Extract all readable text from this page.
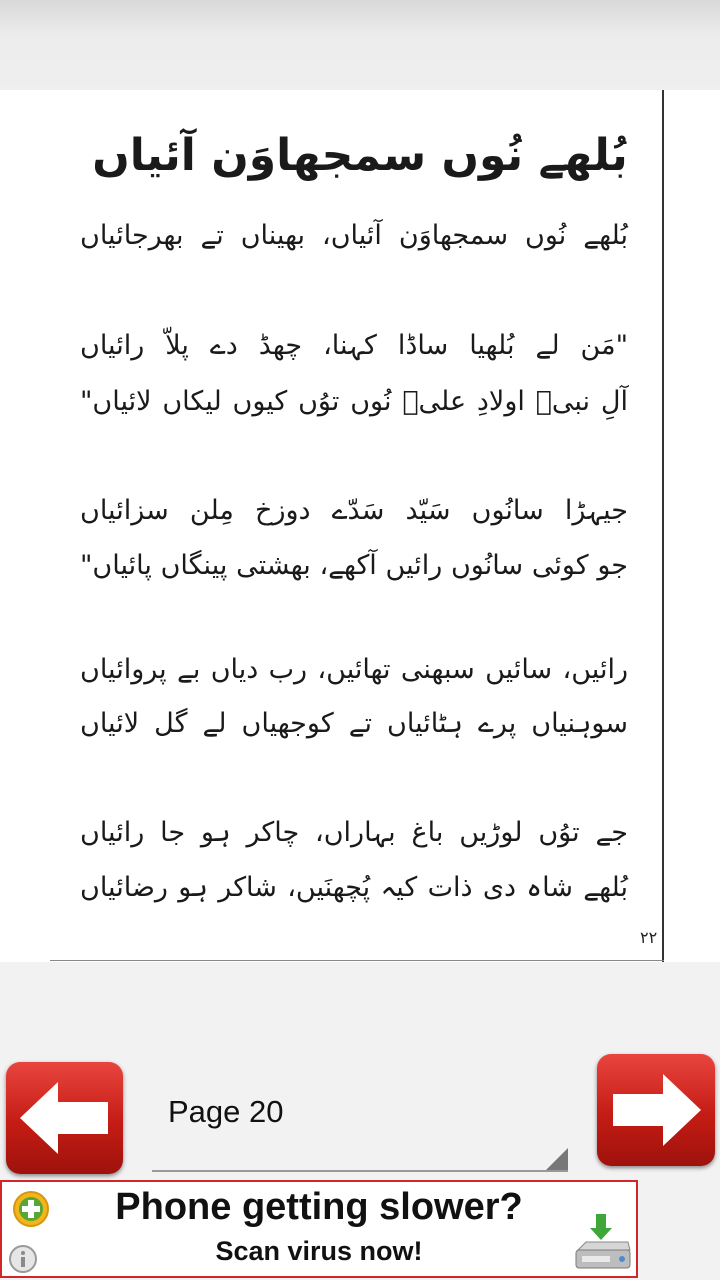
بُلھے نُوں سمجھاوَن آئیاں
بُلھے نُوں سمجھاوَن آئیاں، بھیناں تے بھرجائیاں
"مَن لے بُلھیا ساڈا کہنا، چھڈ دے پلاّ رائیاں
آلِ نبیؐ اولادِ علیؓ نُوں توُں کیوں لیکاں لائیاں"
جیہڑا سانُوں سَیّد سَدّے دوزخ مِلن سزائیاں
جو کوئی سانُوں رائیں آکھے، بھشتی پینگاں پائیاں"
رائیں، سائیں سبھنی تھائیں، رب دیاں بے پروائیاں
سوہنیاں پرے ہٹائیاں تے کوجھیاں لے گل لائیاں
جے توُں لوڑیں باغ بہاراں، چاکر ہو جا رائیاں
بُلھے شاہ دی ذات کیہ پُچھنَیں، شاکر ہو رضائیاں
۲۲
Page 20
Phone getting slower?
Scan virus now!
